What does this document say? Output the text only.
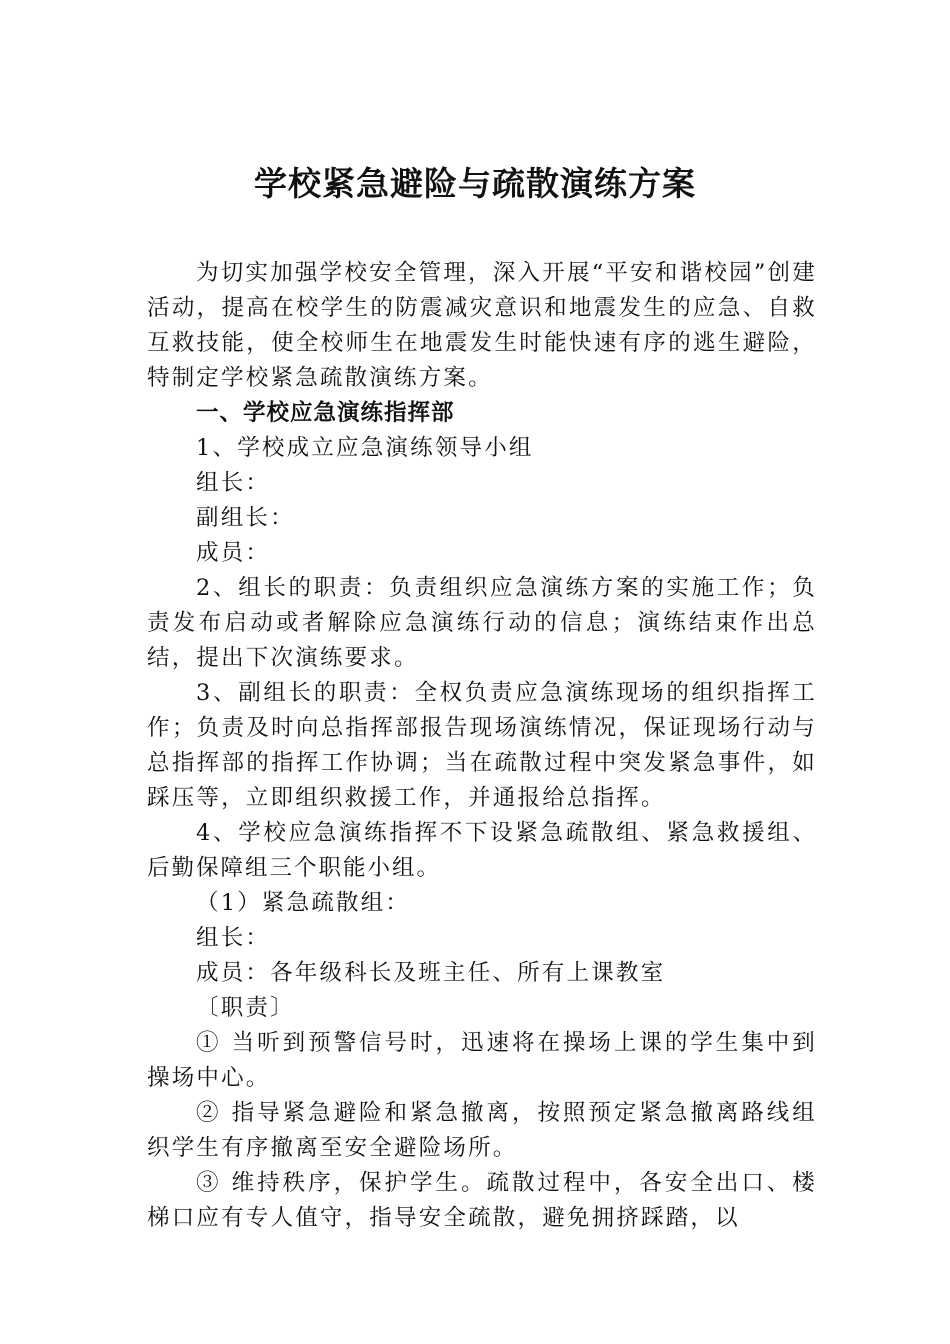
学校紧急避险与疏散演练方案

为切实加强学校安全管理，深入开展“平安和谐校园”创建活动，提高在校学生的防震减灾意识和地震发生的应急、自救互救技能，使全校师生在地震发生时能快速有序的逃生避险，特制定学校紧急疏散演练方案。

一、学校应急演练指挥部

1、学校成立应急演练领导小组

组长：

副组长：

成员：

2、组长的职责：负责组织应急演练方案的实施工作；负责发布启动或者解除应急演练行动的信息；演练结束作出总结，提出下次演练要求。

3、副组长的职责：全权负责应急演练现场的组织指挥工作；负责及时向总指挥部报告现场演练情况，保证现场行动与总指挥部的指挥工作协调；当在疏散过程中突发紧急事件，如踩压等，立即组织救援工作，并通报给总指挥。

4、学校应急演练指挥不下设紧急疏散组、紧急救援组、后勤保障组三个职能小组。

（1）紧急疏散组：

组长：

成员：各年级科长及班主任、所有上课教室

〔职责〕

① 当听到预警信号时，迅速将在操场上课的学生集中到操场中心。

② 指导紧急避险和紧急撤离，按照预定紧急撤离路线组织学生有序撤离至安全避险场所。

③ 维持秩序，保护学生。疏散过程中，各安全出口、楼梯口应有专人值守，指导安全疏散，避免拥挤踩踏，以
